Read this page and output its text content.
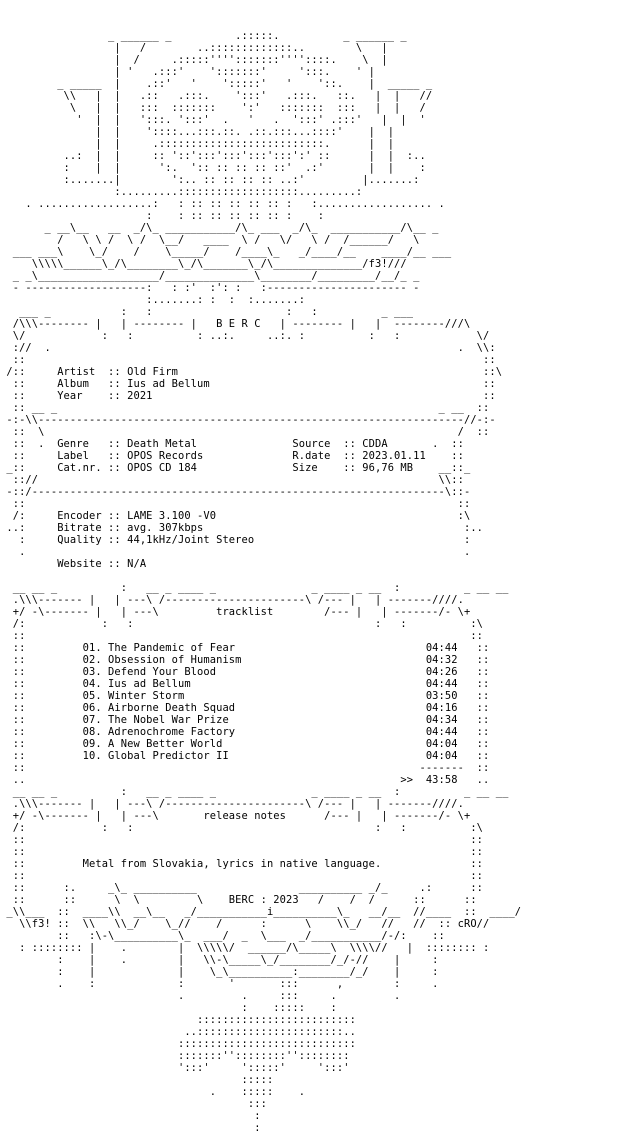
_ ______ _          .:::::.          _ ______ _
|   /        ..:::::::::::::..        \   |
|  /     .:::::'''':::::::''''::::.    \  |
| '   .:::'    ':::::::'     ':::.    ' |
_ _____  |    .::'   '    ':::::'   '    '::.    |  _____ _
\\   |  |   .::   .:::.    ':::'   .:::.   ::.   |  |   //
\   |  |   :::  :::::::    ':'   :::::::  :::   |  |   /
'  |  |   ':::. ':::'  .   '   .  ':::' .:::'   |  |  '
|  |    '::::...:::.::. .::.:::...::::'    |  |
|  |     .::::::::::::::::::::::::::.      |  |
..:  |  |     :: '::':::':::':::':::':' ::      |  |  :..
:    |  |      ':.  ':: :: :: :: ::'  .:'       |  |    :
:.......|        ':.. :: :: :: :: ..:'         |.......:
:.........:::::::::::::::::::.........:
. ..................:   : :: :: :: :: :: :   :.................. .
:    : :: :: :: :: :: :    :
_ __\__   __  _/\_ ___________/\_ ___  _/\_  ___________/\__ _
/   \ \ /  \ /  \__/   ____  \ /   \/   \ /  /______/   \
___ ___\    \_/    /    \_____/    /____\_   _/____/__    ____/__ ___
\\\\\______\_/\________\_/\_______\_/\______________/f3!///
_ _\___________________/______________\________/_________/__/_ _
- -------------------:   : :'  :': :   :---------------------- -
:.......: :  :  :.......:
___ _           :   :                     :   :          _ ___
/\\\-------- |   | -------- |   B E R C   | -------- |   |  --------///\
\/            :   :          : ..:.     ..:. :          :   :            \/
://  .                                                                .  \\:
::                                                                        ::
/::     Artist  :: Old Firm                                                ::\
::     Album   :: Ius ad Bellum                                           ::
::     Year    :: 2021                                                    ::
:: __ _                                                            _ __  ::
-:-\\-------------------------------------------------------------------//-:-
::  \                                                                 /  ::
::  .  Genre   :: Death Metal               Source  :: CDDA       .  ::
::     Label   :: OPOS Records              R.date  :: 2023.01.11    ::
_::     Cat.nr. :: OPOS CD 184               Size    :: 96,76 MB    __::_
:://                                                               \\::
-::/-----------------------------------------------------------------\::-
::                                                                    ::
/:     Encoder :: LAME 3.100 -V0                                      :\
..:     Bitrate :: avg. 307kbps                                         :..
:     Quality :: 44,1kHz/Joint Stereo                                 :
.                                                                     .
Website :: N/A
__ __ _          :   __ _ ____ _               _ ____ _ __  :          _ __ __
.\\\------- |   | ---\ /----------------------\ /--- |   | -------////.
+/ -\------- |   | ---\         tracklist        /--- |   | -------/- \+
/:            :   :                                      :   :          :\
::                                                                      ::
::         01. The Pandemic of Fear                              04:44   ::
::         02. Obsession of Humanism                             04:32   ::
::         03. Defend Your Blood                                 04:26   ::
::         04. Ius ad Bellum                                     04:44   ::
::         05. Winter Storm                                      03:50   ::
::         06. Airborne Death Squad                              04:16   ::
::         07. The Nobel War Prize                               04:34   ::
::         08. Adrenochrome Factory                              04:44   ::
::         09. A New Better World                                04:04   ::
::         10. Global Predictor II                               04:04   ::
::                                                              -------  ::
..                                                           >>  43:58   ..
__ __ _          :   __ _ ____ _               _ ____ _ __  :          _ __ __
.\\\------- |   | ---\ /----------------------\ /--- |   | -------////.
+/ -\------- |   | ---\       release notes      /--- |   | -------/- \+
/:            :   :                                      :   :          :\
::                                                                      ::
::                                                                      ::
::         Metal from Slovakia, lyrics in native language.              ::
::                                                                      ::
::      :.     _\_ __________                __________ _/_     .:      ::
::      ::      \  \         \    BERC : 2023   /    /  /      ::      ::
_\\___  ::  ____\\  __\__   _/___________i__________\_   __/__  //____  ::  ____/
\\f3! ::  \\   \\_/    \_//    /      :      \    \\_/   //   //  :: cRO//
::   :\-\__________\_  ___/  _  \___  _/___________/-/:    ::
: :::::::: |    .        |  \\\\\/  ______/\_____\  \\\\//   |  :::::::: :
:    |    .        |   \\-\_____\_/________/_/-//    |     :
:    |             |    \_\__________:________/_/    |     :
.    :             :       '       :::      ,        :     .
.         .     :::     .         .
:    :::::    :
:::::::::::::::::::::::::
..:::::::::::::::::::::::..
::::::::::::::::::::::::::::
:::::::''::::::::''::::::::
':::'     ':::::'     ':::'
:::::
.    :::::    .
:::
:
:
